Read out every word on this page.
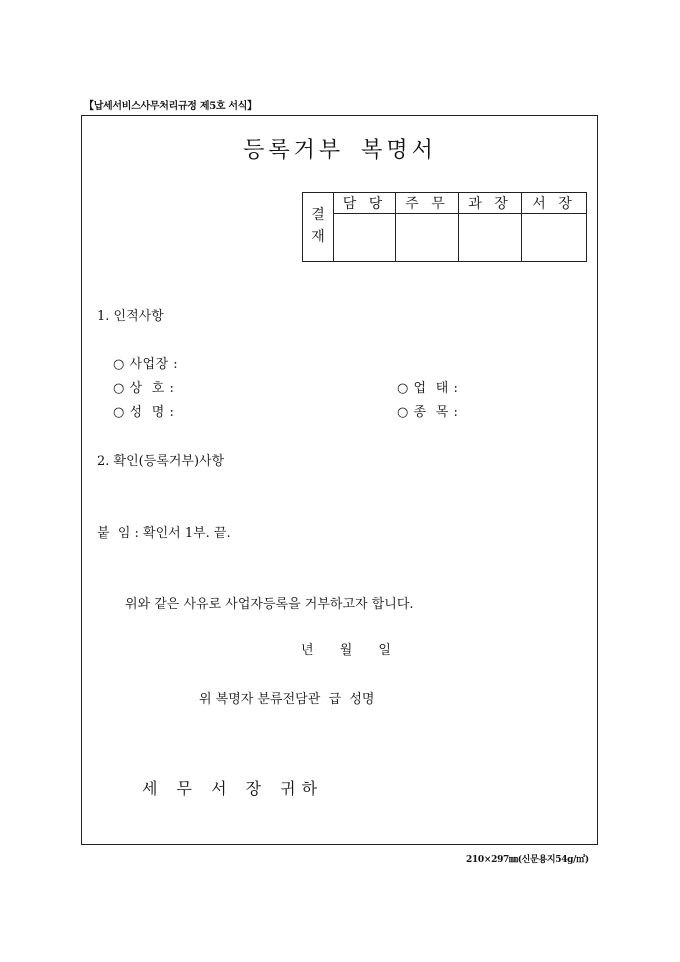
【납세서비스사무처리규정 제5호 서식】
등록거부 복명서
결
재	담 당	주 무	과 장	서 장

1. 인적사항
○ 사업장 :
○ 상  호 :	○ 업  태 :
○ 성  명 :	○ 종  목 :
2. 확인(등록거부)사항
붙  임 : 확인서 1부. 끝.
위와 같은 사유로 사업자등록을 거부하고자 합니다.
년 월 일
위 복명자 분류전담관  급  성명
세 무 서 장 귀하
210×297㎜(신문용지54g/㎡)
